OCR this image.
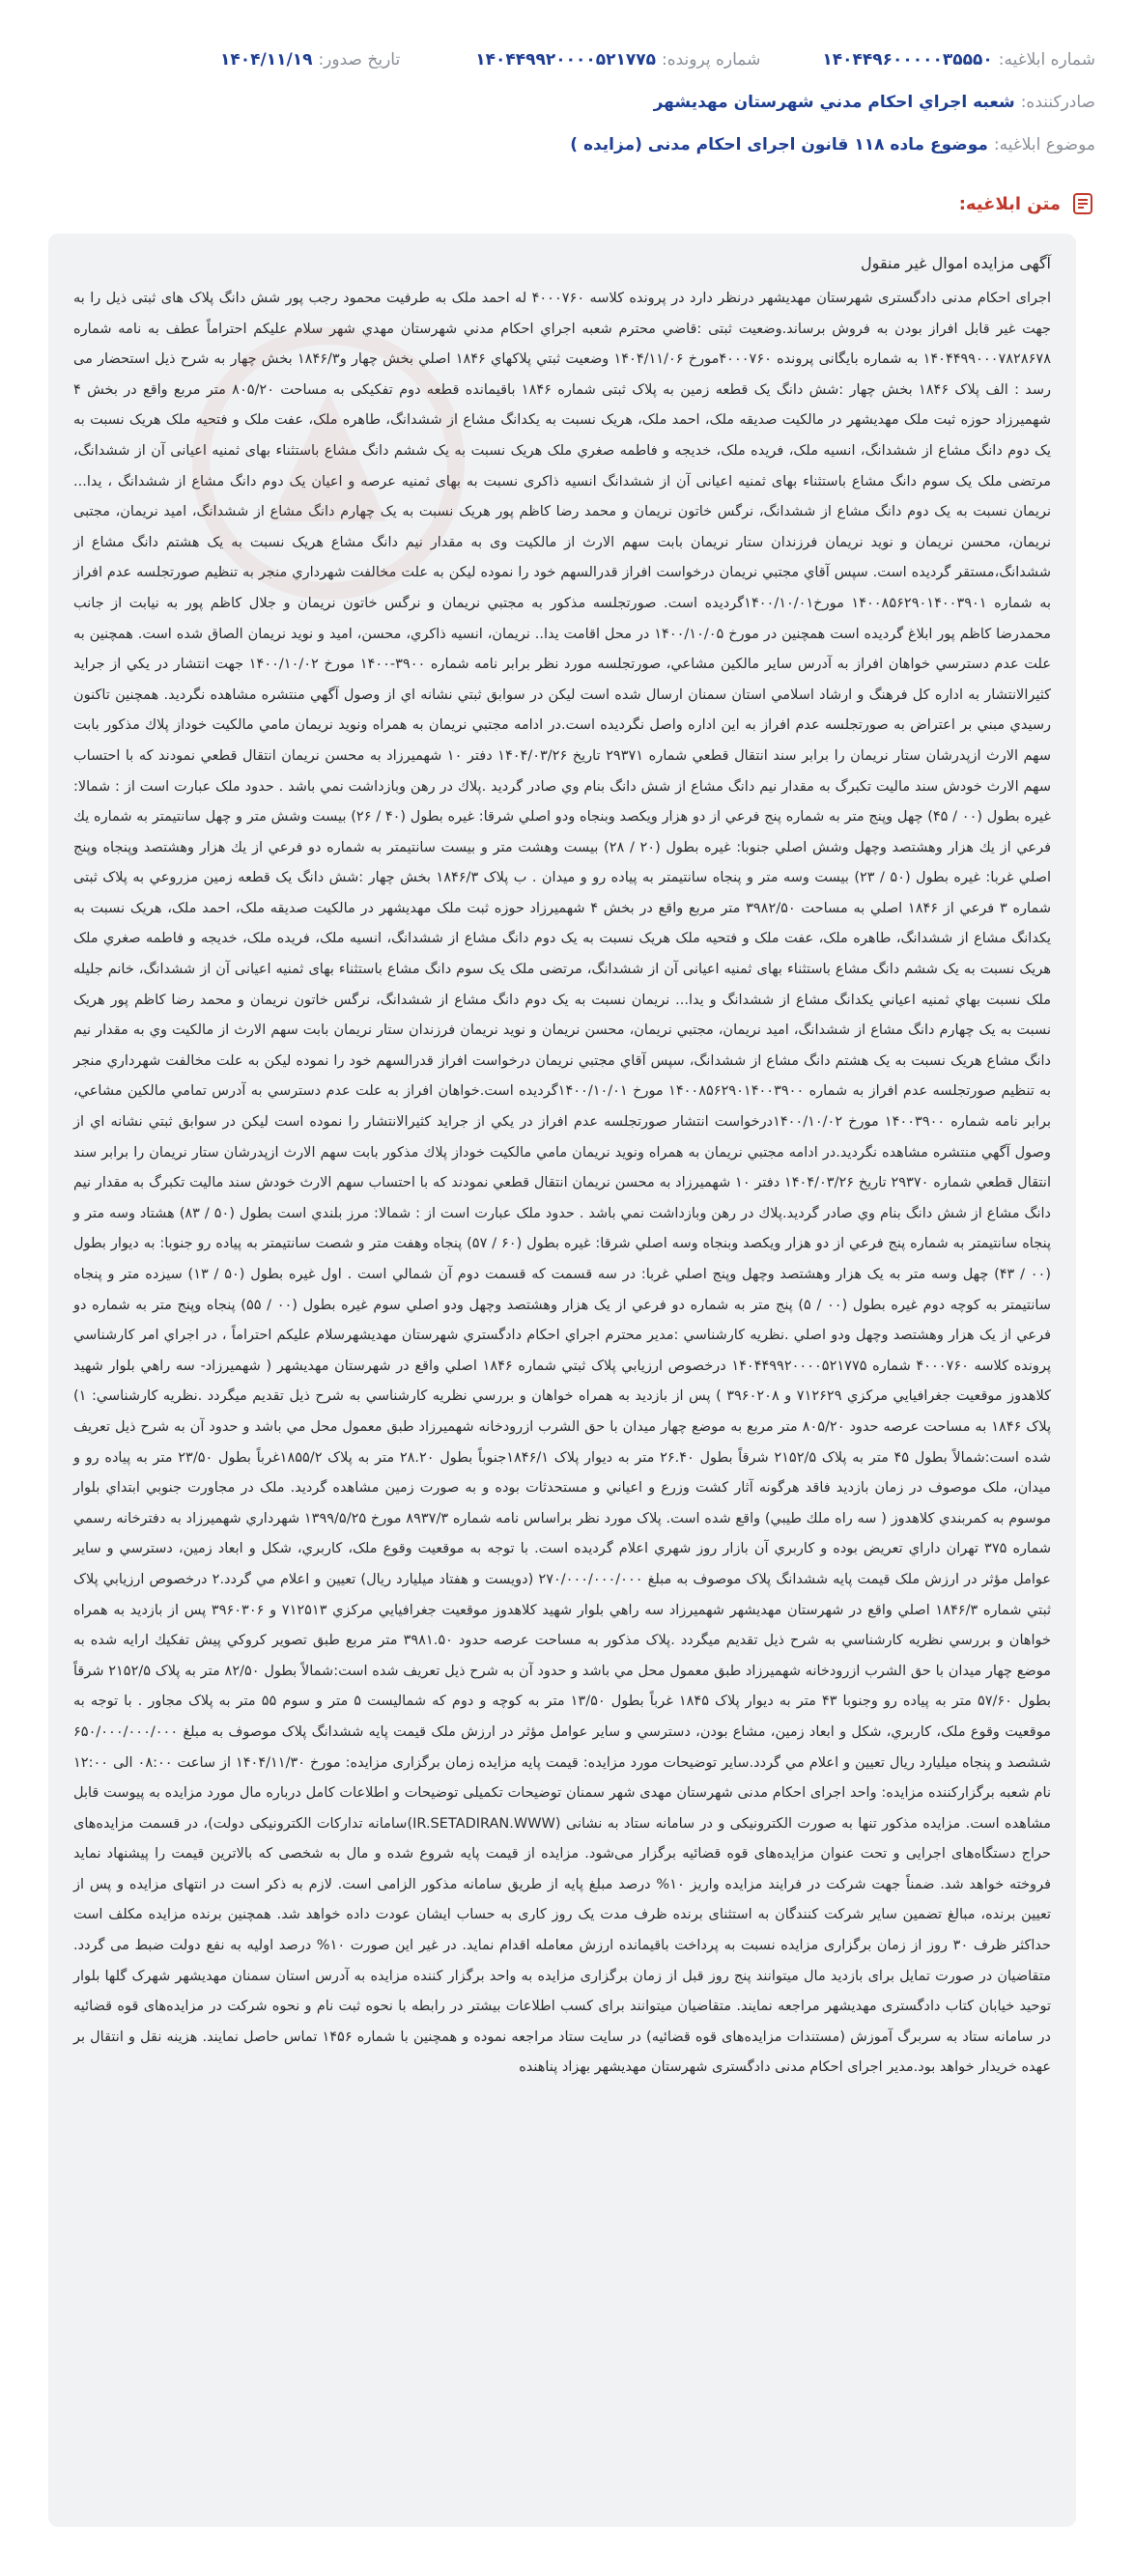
شماره ابلاغیه:
۱۴۰۴۴۹۶۰۰۰۰۰۳۵۵۵۰
شماره پرونده:
۱۴۰۴۴۹۹۲۰۰۰۰۵۲۱۷۷۵
تاریخ صدور:
۱۴۰۴/۱۱/۱۹
صادرکننده:
شعبه اجراي احكام مدني شهرستان مهديشهر
موضوع ابلاغیه:
موضوع ماده ۱۱۸ قانون اجرای احکام مدنی (مزایده )
متن ابلاغیه:
آگهی مزایده اموال غیر منقول
اجرای احکام مدنی دادگستری شهرستان مهدیشهر درنظر دارد در پرونده کلاسه ۴۰۰۰۷۶۰ له احمد ملک به طرفیت محمود رجب پور شش دانگ پلاک های ثبتی ذیل را به جهت غیر قابل افراز بودن به فروش برساند.وضعیت ثبتی :قاضي محترم شعبه اجراي احكام مدني شهرستان مهدي شهر سلام عليكم احتراماً عطف به نامه شماره ۱۴۰۴۴۹۹۰۰۰۷۸۲۸۶۷۸ به شماره بایگانی پرونده ۴۰۰۰۷۶۰مورخ ۱۴۰۴/۱۱/۰۶ وضعیت ثبتي پلاكهاي ۱۸۴۶ اصلي بخش چهار و۱۸۴۶/۳ بخش چهار به شرح ذیل استحضار می رسد : الف پلاک ۱۸۴۶ بخش چهار :شش دانگ یک قطعه زمین به پلاک ثبتی شماره ۱۸۴۶ باقیمانده قطعه دوم تفکیکی به مساحت ۸۰۵/۲۰ متر مربع واقع در بخش ۴ شهمیرزاد حوزه ثبت ملک مهدیشهر در مالکیت صدیقه ملک، احمد ملک، هریک نسبت به یکدانگ مشاع از ششدانگ، طاهره ملک، عفت ملک و فتحیه ملک هریک نسبت به یک دوم دانگ مشاع از ششدانگ، انسیه ملک، فریده ملک، خدیجه و فاطمه صغري ملک هریک نسبت به یک ششم دانگ مشاع باستثناء بهای ثمنیه اعیانی آن از ششدانگ، مرتضی ملک یک سوم دانگ مشاع باستثناء بهای ثمنیه اعیانی آن از ششدانگ انسیه ذاکری نسبت به بهای ثمنیه عرصه و اعیان یک دوم دانگ مشاع از ششدانگ ، یدا... نریمان نسبت به یک دوم دانگ مشاع از ششدانگ، نرگس خاتون نریمان و محمد رضا کاظم پور هریک نسبت به یک چهارم دانگ مشاع از ششدانگ، امید نریمان، مجتبی نریمان، محسن نریمان و نوید نریمان فرزندان ستار نریمان بابت سهم الارث از مالکیت وی به مقدار نیم دانگ مشاع هریک نسبت به یک هشتم دانگ مشاع از ششدانگ،مستقر گردیده است. سپس آقاي مجتبي نريمان درخواست افراز قدرالسهم خود را نموده لیکن به علت مخالفت شهرداري منجر به تنظیم صورتجلسه عدم افراز به شماره ۱۴۰۰۸۵۶۲۹۰۱۴۰۰۳۹۰۱ مورخ۱۴۰۰/۱۰/۰۱گردیده است. صورتجلسه مذکور به مجتبي نريمان و نرگس خاتون نريمان و جلال كاظم پور به نيابت از جانب محمدرضا كاظم پور ابلاغ گرديده است همچنین در مورخ ۱۴۰۰/۱۰/۰۵ در محل اقامت یدا.. نریمان، انسیه ذاکري، محسن، امید و نوید نریمان الصاق شده است. همچنین به علت عدم دسترسي خواهان افراز به آدرس سایر مالکین مشاعي، صورتجلسه مورد نظر برابر نامه شماره ۳۹۰۰-۱۴۰۰ مورخ ۱۴۰۰/۱۰/۰۲ جهت انتشار در یکي از جراید کثیرالانتشار به اداره کل فرهنگ و ارشاد اسلامي استان سمنان ارسال شده است لیکن در سوابق ثبتي نشانه اي از وصول آگهي منتشره مشاهده نگرديد. همچنین تاكنون رسيدي مبني بر اعتراض به صورتجلسه عدم افراز به اين اداره واصل نگرديده است.در ادامه مجتبي نريمان به همراه ونويد نريمان مامي مالكيت خوداز پلاك مذكور بابت سهم الارث ازپدرشان ستار نريمان را برابر سند انتقال قطعي شماره ۲۹۳۷۱ تاريخ ۱۴۰۴/۰۳/۲۶ دفتر ۱۰ شهميرزاد به محسن نريمان انتقال قطعي نمودند كه با احتساب سهم الارث خودش سند مالیت تکبرگ به مقدار نيم دانگ مشاع از شش دانگ بنام وي صادر گرديد .پلاك در رهن وبازداشت نمي باشد . حدود ملک عبارت است از : شمالا: غیره بطول (۰۰ / ۴۵) چهل وپنج متر به شماره پنج فرعي از دو هزار ويكصد وبنجاه ودو اصلي شرقا: غيره بطول (۴۰ / ۲۶) بيست وشش متر و چهل سانتيمتر به شماره يك فرعي از يك هزار وهشتصد وچهل وشش اصلي جنوبا: غيره بطول (۲۰ / ۲۸) بيست وهشت متر و بيست سانتيمتر به شماره دو فرعي از يك هزار وهشتصد وپنجاه وپنج اصلي غربا: غيره بطول (۵۰ / ۲۳) بيست وسه متر و پنجاه سانتيمتر به پياده رو و ميدان . ب پلاک ۱۸۴۶/۳ بخش چهار :شش دانگ یک قطعه زمین مزروعي به پلاک ثبتی شماره ۳ فرعي از ۱۸۴۶ اصلي به مساحت ۳۹۸۲/۵۰ متر مربع واقع در بخش ۴ شهمیرزاد حوزه ثبت ملک مهدیشهر در مالکیت صدیقه ملک، احمد ملک، هریک نسبت به یکدانگ مشاع از ششدانگ، طاهره ملک، عفت ملک و فتحیه ملک هریک نسبت به یک دوم دانگ مشاع از ششدانگ، انسیه ملک، فریده ملک، خدیجه و فاطمه صغري ملک هریک نسبت به یک ششم دانگ مشاع باستثناء بهای ثمنیه اعیانی آن از ششدانگ، مرتضی ملک یک سوم دانگ مشاع باستثناء بهای ثمنیه اعیانی آن از ششدانگ، خانم جلیله ملک نسبت بهاي ثمنيه اعياني يكدانگ مشاع از ششدانگ و يدا... نريمان نسبت به يک دوم دانگ مشاع از ششدانگ، نرگس خاتون نريمان و محمد رضا كاظم پور هريک نسبت به يک چهارم دانگ مشاع از ششدانگ، اميد نريمان، مجتبي نريمان، محسن نريمان و نويد نريمان فرزندان ستار نريمان بابت سهم الارث از مالکيت وي به مقدار نيم دانگ مشاع هريک نسبت به يک هشتم دانگ مشاع از ششدانگ، سپس آقاي مجتبي نريمان درخواست افراز قدرالسهم خود را نموده لیکن به علت مخالفت شهرداري منجر به تنظیم صورتجلسه عدم افراز به شماره ۱۴۰۰۸۵۶۲۹۰۱۴۰۰۳۹۰۰ مورخ ۱۴۰۰/۱۰/۰۱گردیده است.خواهان افراز به علت عدم دسترسي به آدرس تمامي مالكين مشاعي، برابر نامه شماره ۱۴۰۰۳۹۰۰ مورخ ۱۴۰۰/۱۰/۰۲درخواست انتشار صورتجلسه عدم افراز در يكي از جرايد كثيرالانتشار را نموده است ليكن در سوابق ثبتي نشانه اي از وصول آگهي منتشره مشاهده نگرديد.در ادامه مجتبي نريمان به همراه ونويد نريمان مامي مالكيت خوداز پلاك مذكور بابت سهم الارث ازپدرشان ستار نريمان را برابر سند انتقال قطعي شماره ۲۹۳۷۰ تاريخ ۱۴۰۴/۰۳/۲۶ دفتر ۱۰ شهميرزاد به محسن نريمان انتقال قطعي نمودند كه با احتساب سهم الارث خودش سند مالیت تکبرگ به مقدار نيم دانگ مشاع از شش دانگ بنام وي صادر گرديد.پلاك در رهن وبازداشت نمي باشد . حدود ملک عبارت است از : شمالا: مرز بلندي است بطول (۵۰ / ۸۳) هشتاد وسه متر و پنجاه سانتيمتر به شماره پنج فرعي از دو هزار ويكصد وبنجاه وسه اصلي شرقا: غيره بطول (۶۰ / ۵۷) پنجاه وهفت متر و شصت سانتيمتر به پياده رو جنوبا: به ديوار بطول (۰۰ / ۴۳) چهل وسه متر به يک هزار وهشتصد وچهل وپنج اصلي غربا: در سه قسمت كه قسمت دوم آن شمالي است . اول غيره بطول (۵۰ / ۱۳) سيزده متر و پنجاه سانتيمتر به كوچه دوم غيره بطول (۰۰ / ۵) پنج متر به شماره دو فرعي از يک هزار وهشتصد وچهل ودو اصلي سوم غيره بطول (۰۰ / ۵۵) پنجاه وپنج متر به شماره دو فرعي از يک هزار وهشتصد وچهل ودو اصلي .نظريه كارشناسي :مدير محترم اجراي احكام دادگستري شهرستان مهديشهرسلام عليكم احتراماً ، در اجراي امر كارشناسي پرونده كلاسه ۴۰۰۰۷۶۰ شماره ۱۴۰۴۴۹۹۲۰۰۰۰۵۲۱۷۷۵ درخصوص ارزيابي پلاک ثبتي شماره ۱۸۴۶ اصلي واقع در شهرستان مهديشهر ( شهميرزاد- سه راهي بلوار شهيد كلاهدوز موقعيت جغرافيايي مركزي ۷۱۲۶۲۹ و ۳۹۶۰۲۰۸ ) پس از بازديد به همراه خواهان و بررسي نظريه كارشناسي به شرح ذيل تقديم ميگردد .نظريه كارشناسي: ۱) پلاک ۱۸۴۶ به مساحت عرصه حدود ۸۰۵/۲۰ متر مربع به موضع چهار ميدان با حق الشرب ازرودخانه شهميرزاد طبق معمول محل مي باشد و حدود آن به شرح ذيل تعريف شده است:شمالاً بطول ۴۵ متر به پلاک ۲۱۵۲/۵ شرقاً بطول ۲۶.۴۰ متر به ديوار پلاک ۱۸۴۶/۱جنوباً بطول ۲۸.۲۰ متر به پلاک ۱۸۵۵/۲غرباً بطول ۲۳/۵۰ متر به پياده رو و ميدان، ملک موصوف در زمان بازديد فاقد هرگونه آثار كشت وزرع و اعياني و مستحدثات بوده و به صورت زمين مشاهده گرديد. ملک در مجاورت جنوبي ابتداي بلوار موسوم به كمربندي كلاهدوز ( سه راه ملك طيبي) واقع شده است. پلاک مورد نظر براساس نامه شماره ۸۹۳۷/۳ مورخ ۱۳۹۹/۵/۲۵ شهرداري شهميرزاد به دفترخانه رسمي شماره ۳۷۵ تهران داراي تعريض بوده و کاربري آن بازار روز شهري اعلام گرديده است. با توجه به موقعيت وقوع ملک، كاربري، شكل و ابعاد زمين، دسترسي و ساير عوامل مؤثر در ارزش ملک قيمت پايه ششدانگ پلاک موصوف به مبلغ ۲۷۰/۰۰۰/۰۰۰/۰۰۰ (دويست و هفتاد ميليارد ريال) تعيين و اعلام مي گردد.۲ درخصوص ارزيابي پلاک ثبتي شماره ۱۸۴۶/۳ اصلي واقع در شهرستان مهديشهر شهميرزاد سه راهي بلوار شهيد كلاهدوز موقعيت جغرافيايي مركزي ۷۱۲۵۱۳ و ۳۹۶۰۳۰۶ پس از بازديد به همراه خواهان و بررسي نظريه كارشناسي به شرح ذيل تقديم ميگردد .پلاک مذكور به مساحت عرصه حدود ۳۹۸۱.۵۰ متر مربع طبق تصوير كروكي پيش تفكيك ارايه شده به موضع چهار ميدان با حق الشرب ازرودخانه شهميرزاد طبق معمول محل مي باشد و حدود آن به شرح ذيل تعريف شده است:شمالاً بطول ۸۲/۵۰ متر به پلاک ۲۱۵۲/۵ شرقاً بطول ۵۷/۶۰ متر به پياده رو وجنوبا ۴۳ متر به ديوار پلاک ۱۸۴۵ غرباً بطول ۱۳/۵۰ متر به كوچه و دوم كه شماليست ۵ متر و سوم ۵۵ متر به پلاک مجاور . با توجه به موقعيت وقوع ملک، كاربري، شكل و ابعاد زمين، مشاع بودن، دسترسي و ساير عوامل مؤثر در ارزش ملک قيمت پايه ششدانگ پلاک موصوف به مبلغ ۶۵۰/۰۰۰/۰۰۰/۰۰۰ ششصد و پنجاه ميليارد ريال تعيين و اعلام مي گردد.ساير توضيحات مورد مزايده: قیمت پایه مزایده زمان برگزاری مزایده: مورخ ۱۴۰۴/۱۱/۳۰ از ساعت ۰۸:۰۰ الی ۱۲:۰۰ نام شعبه برگزارکننده مزایده: واحد اجرای احکام مدنی شهرستان مهدی شهر سمنان توضیحات تکمیلی توضیحات و اطلاعات کامل درباره مال مورد مزایده به پیوست قابل مشاهده است. مزایده مذکور تنها به صورت الکترونیکی و در سامانه ستاد به نشانی (IR.SETADIRAN.WWW)سامانه تدارکات الکترونیکی دولت)، در قسمت مزایده‌های حراج دستگاه‌های اجرایی و تحت عنوان مزایده‌های قوه قضائیه برگزار می‌شود. مزایده از قیمت پایه شروع شده و مال به شخصی که بالاترین قیمت را پیشنهاد نماید فروخته خواهد شد. ضمناً جهت شرکت در فرایند مزایده واریز ۱۰% درصد مبلغ پایه از طریق سامانه مذکور الزامی است. لازم به ذکر است در انتهای مزایده و پس از تعیین برنده، مبالغ تضمین سایر شرکت کنندگان به استثنای برنده ظرف مدت یک روز کاری به حساب ایشان عودت داده خواهد شد. همچنین برنده مزایده مکلف است حداکثر ظرف ۳۰ روز از زمان برگزاری مزایده نسبت به پرداخت باقیمانده ارزش معامله اقدام نماید. در غیر این صورت ۱۰% درصد اولیه به نفع دولت ضبط می گردد. متقاضیان در صورت تمایل برای بازدید مال میتوانند پنج روز قبل از زمان برگزاری مزایده به واحد برگزار کننده مزایده به آدرس استان سمنان مهدیشهر شهرک گلها بلوار توحید خیابان کتاب دادگستری مهدیشهر مراجعه نمایند. متقاضیان میتوانند برای کسب اطلاعات بیشتر در رابطه با نحوه ثبت نام و نحوه شرکت در مزایده‌های قوه قضائیه در سامانه ستاد به سربرگ آموزش (مستندات مزایده‌های قوه قضائیه) در سایت ستاد مراجعه نموده و همچنین با شماره ۱۴۵۶ تماس حاصل نمایند. هزینه نقل و انتقال بر عهده خریدار خواهد بود.مدیر اجرای احکام مدنی دادگستری شهرستان مهدیشهر بهزاد پناهنده
